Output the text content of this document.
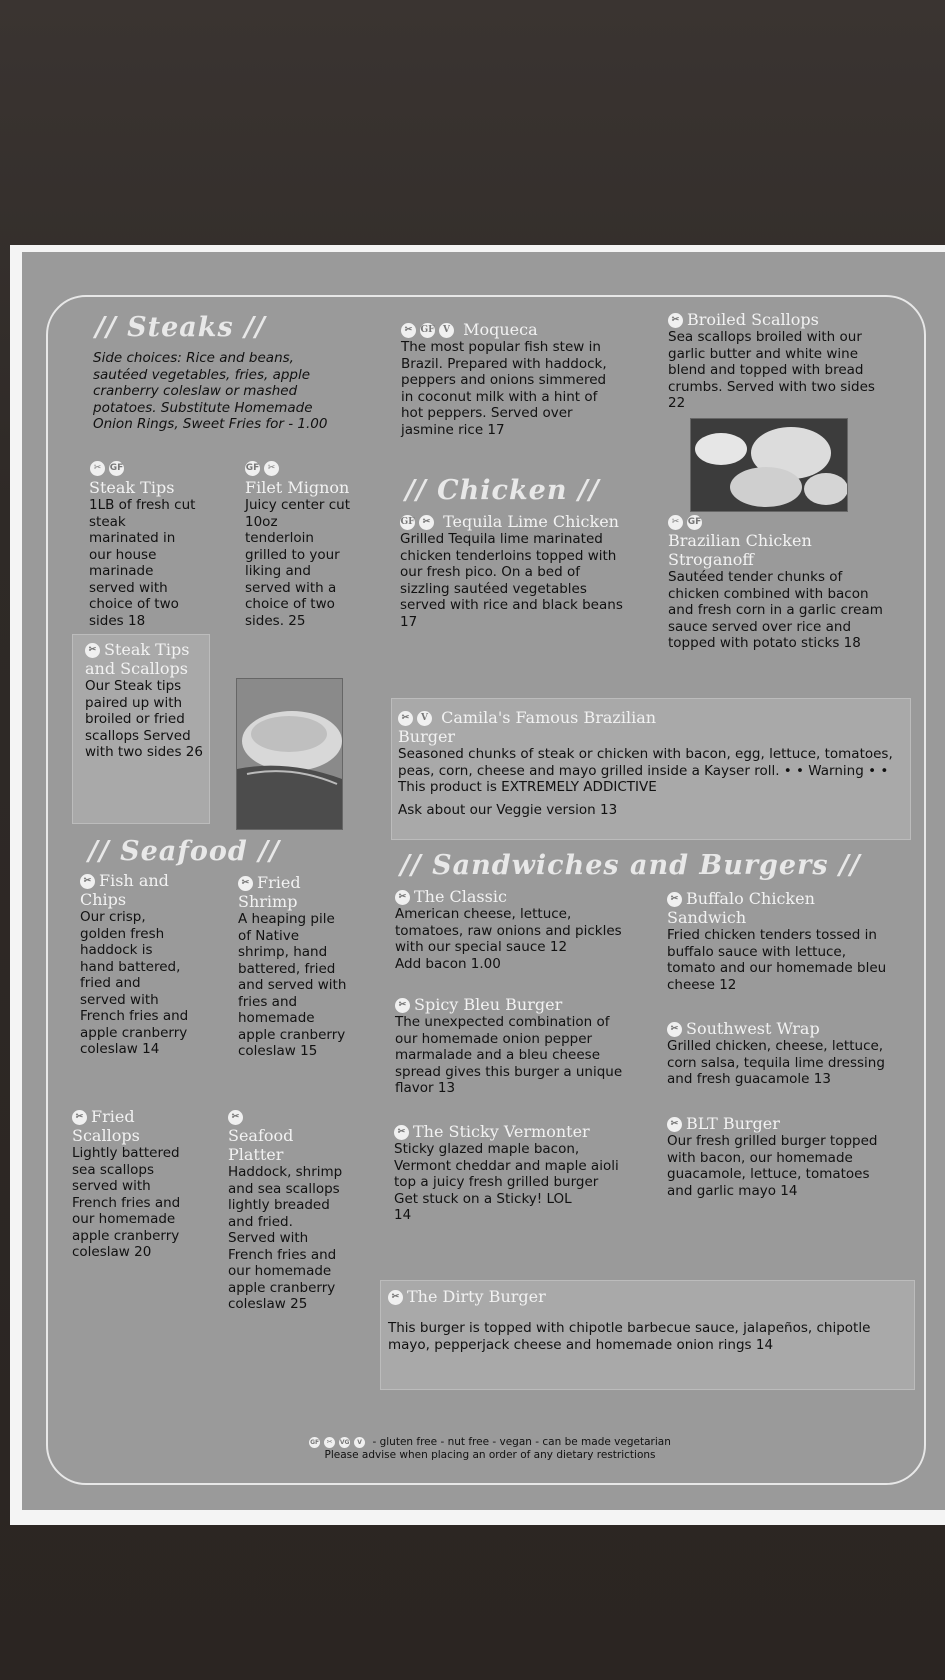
// Steaks //
Side choices: Rice and beans, sautéed vegetables, fries, apple cranberry coleslaw or mashed potatoes. Substitute Homemade Onion Rings, Sweet Fries for - 1.00
✂ GF
Steak Tips
1LB of fresh cut steak marinated in our house marinade served with choice of two sides 18
GF ✂
Filet Mignon
Juicy center cut 10oz tenderloin grilled to your liking and served with a choice of two sides. 25
✂ Steak Tips and Scallops
Our Steak tips paired up with broiled or fried scallops Served with two sides 26
✂ GF V Moqueca
The most popular fish stew in Brazil. Prepared with haddock, peppers and onions simmered in coconut milk with a hint of hot peppers. Served over jasmine rice 17
✂ Broiled Scallops
Sea scallops broiled with our garlic butter and white wine blend and topped with bread crumbs. Served with two sides 22
// Chicken //
GF ✂ Tequila Lime Chicken
Grilled Tequila lime marinated chicken tenderloins topped with our fresh pico. On a bed of sizzling sautéed vegetables served with rice and black beans 17
✂ GF
Brazilian Chicken Stroganoff
Sautéed tender chunks of chicken combined with bacon and fresh corn in a garlic cream sauce served over rice and topped with potato sticks 18
✂ V Camila's Famous Brazilian Burger
Seasoned chunks of steak or chicken with bacon, egg, lettuce, tomatoes, peas, corn, cheese and mayo grilled inside a Kayser roll. • • Warning • • This product is EXTREMELY ADDICTIVE
Ask about our Veggie version 13
// Seafood //
✂ Fish and Chips
Our crisp, golden fresh haddock is hand battered, fried and served with French fries and apple cranberry coleslaw 14
✂ Fried Shrimp
A heaping pile of Native shrimp, hand battered, fried and served with fries and homemade apple cranberry coleslaw 15
✂ Fried Scallops
Lightly battered sea scallops served with French fries and our homemade apple cranberry coleslaw 20
✂
Seafood Platter
Haddock, shrimp and sea scallops lightly breaded and fried. Served with French fries and our homemade apple cranberry coleslaw 25
// Sandwiches and Burgers //
✂ The Classic
American cheese, lettuce, tomatoes, raw onions and pickles with our special sauce 12
Add bacon 1.00
✂ Spicy Bleu Burger
The unexpected combination of our homemade onion pepper marmalade and a bleu cheese spread gives this burger a unique flavor 13
✂ The Sticky Vermonter
Sticky glazed maple bacon, Vermont cheddar and maple aioli top a juicy fresh grilled burger
Get stuck on a Sticky! LOL
14
✂ Buffalo Chicken Sandwich
Fried chicken tenders tossed in buffalo sauce with lettuce, tomato and our homemade bleu cheese 12
✂ Southwest Wrap
Grilled chicken, cheese, lettuce, corn salsa, tequila lime dressing and fresh guacamole 13
✂ BLT Burger
Our fresh grilled burger topped with bacon, our homemade guacamole, lettuce, tomatoes and garlic mayo 14
✂ The Dirty Burger
This burger is topped with chipotle barbecue sauce, jalapeños, chipotle mayo, pepperjack cheese and homemade onion rings 14
GF ✂ VG V - gluten free - nut free - vegan - can be made vegetarian
Please advise when placing an order of any dietary restrictions
